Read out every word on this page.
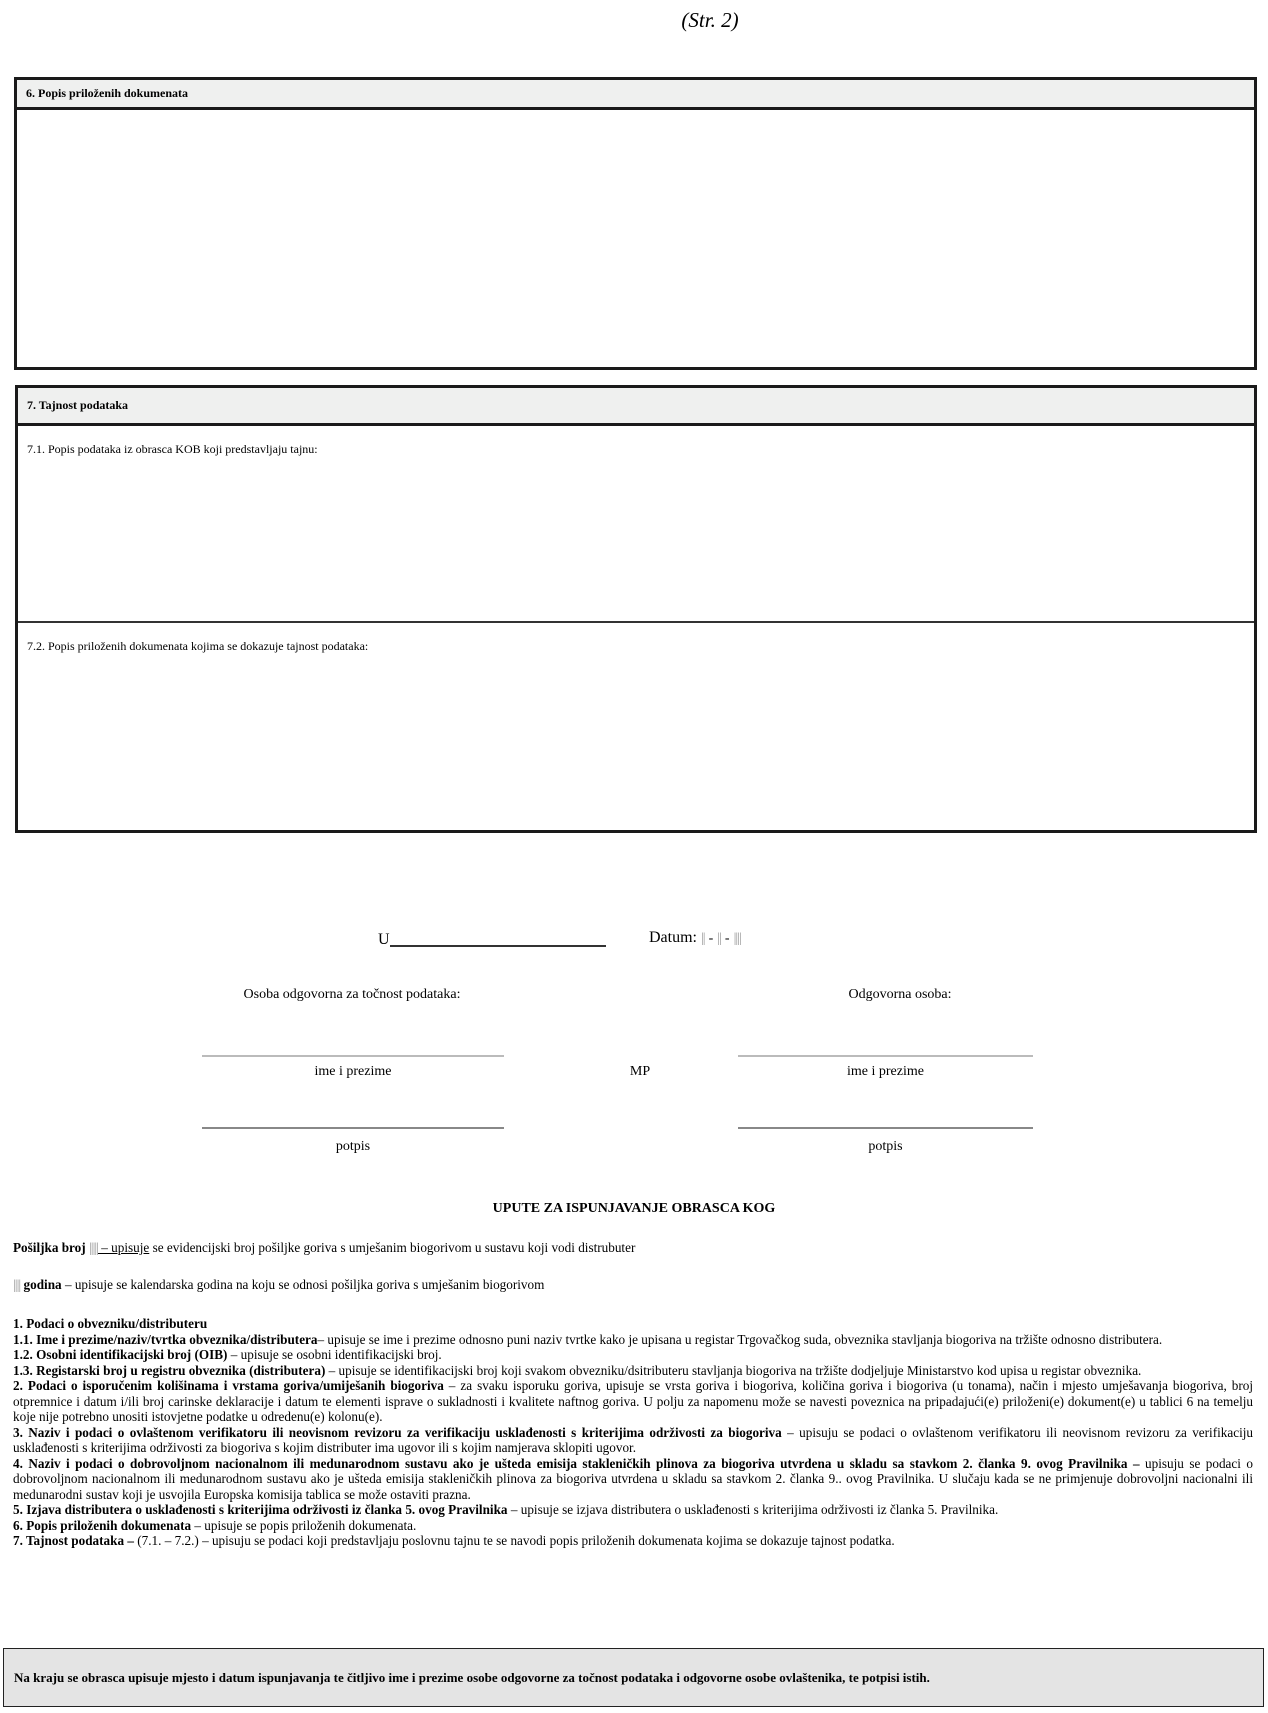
(Str. 2)
6. Popis priloženih dokumenata
7. Tajnost podataka
7.1. Popis podataka iz obrasca KOB koji predstavljaju tajnu:
7.2. Popis priloženih dokumenata kojima se dokazuje tajnost podataka:
U	Datum: || - || - ||||
Osoba odgovorna za točnost podataka:	Odgovorna osoba:
ime i prezime	MP	ime i prezime
potpis	potpis
UPUTE ZA ISPUNJAVANJE OBRASCA KOG
Pošiljka broj ||||| – upisuje se evidencijski broj pošiljke goriva s umješanim biogorivom u sustavu koji vodi distrubuter
|||| godina – upisuje se kalendarska godina na koju se odnosi pošiljka goriva s umješanim biogorivom
1. Podaci o obvezniku/distributeru
1.1. Ime i prezime/naziv/tvrtka obveznika/distributera– upisuje se ime i prezime odnosno puni naziv tvrtke kako je upisana u registar Trgovačkog suda, obveznika stavljanja biogoriva na tržište odnosno distributera.
1.2. Osobni identifikacijski broj (OIB) – upisuje se osobni identifikacijski broj.
1.3. Registarski broj u registru obveznika (distributera) – upisuje se identifikacijski broj koji svakom obvezniku/dsitributeru stavljanja biogoriva na tržište dodjeljuje Ministarstvo kod upisa u registar obveznika.
2. Podaci o isporučenim kolišinama i vrstama goriva/umiješanih biogoriva – za svaku isporuku goriva, upisuje se vrsta goriva i biogoriva, količina goriva i biogoriva (u tonama), način i mjesto umješavanja biogoriva, broj otpremnice i datum i/ili broj carinske deklaracije i datum te elementi isprave o sukladnosti i kvalitete naftnog goriva. U polju za napomenu može se navesti poveznica na pripadajući(e) priloženi(e) dokument(e) u tablici 6 na temelju koje nije potrebno unositi istovjetne podatke u odredenu(e) kolonu(e).
3. Naziv i podaci o ovlaštenom verifikatoru ili neovisnom revizoru za verifikaciju usklađenosti s kriterijima održivosti za biogoriva – upisuju se podaci o ovlaštenom verifikatoru ili neovisnom revizoru za verifikaciju usklađenosti s kriterijima održivosti za biogoriva s kojim distributer ima ugovor ili s kojim namjerava sklopiti ugovor.
4. Naziv i podaci o dobrovoljnom nacionalnom ili medunarodnom sustavu ako je ušteda emisija stakleničkih plinova za biogoriva utvrdena u skladu sa stavkom 2. članka 9. ovog Pravilnika – upisuju se podaci o dobrovoljnom nacionalnom ili medunarodnom sustavu ako je ušteda emisija stakleničkih plinova za biogoriva utvrdena u skladu sa stavkom 2. članka 9.. ovog Pravilnika. U slučaju kada se ne primjenuje dobrovoljni nacionalni ili medunarodni sustav koji je usvojila Europska komisija tablica se može ostaviti prazna.
5. Izjava distributera o usklađenosti s kriterijima održivosti iz članka 5. ovog Pravilnika – upisuje se izjava distributera o usklađenosti s kriterijima održivosti iz članka 5. Pravilnika.
6. Popis priloženih dokumenata – upisuje se popis priloženih dokumenata.
7. Tajnost podataka – (7.1. – 7.2.) – upisuju se podaci koji predstavljaju poslovnu tajnu te se navodi popis priloženih dokumenata kojima se dokazuje tajnost podatka.
Na kraju se obrasca upisuje mjesto i datum ispunjavanja te čitljivo ime i prezime osobe odgovorne za točnost podataka i odgovorne osobe ovlaštenika, te potpisi istih.
